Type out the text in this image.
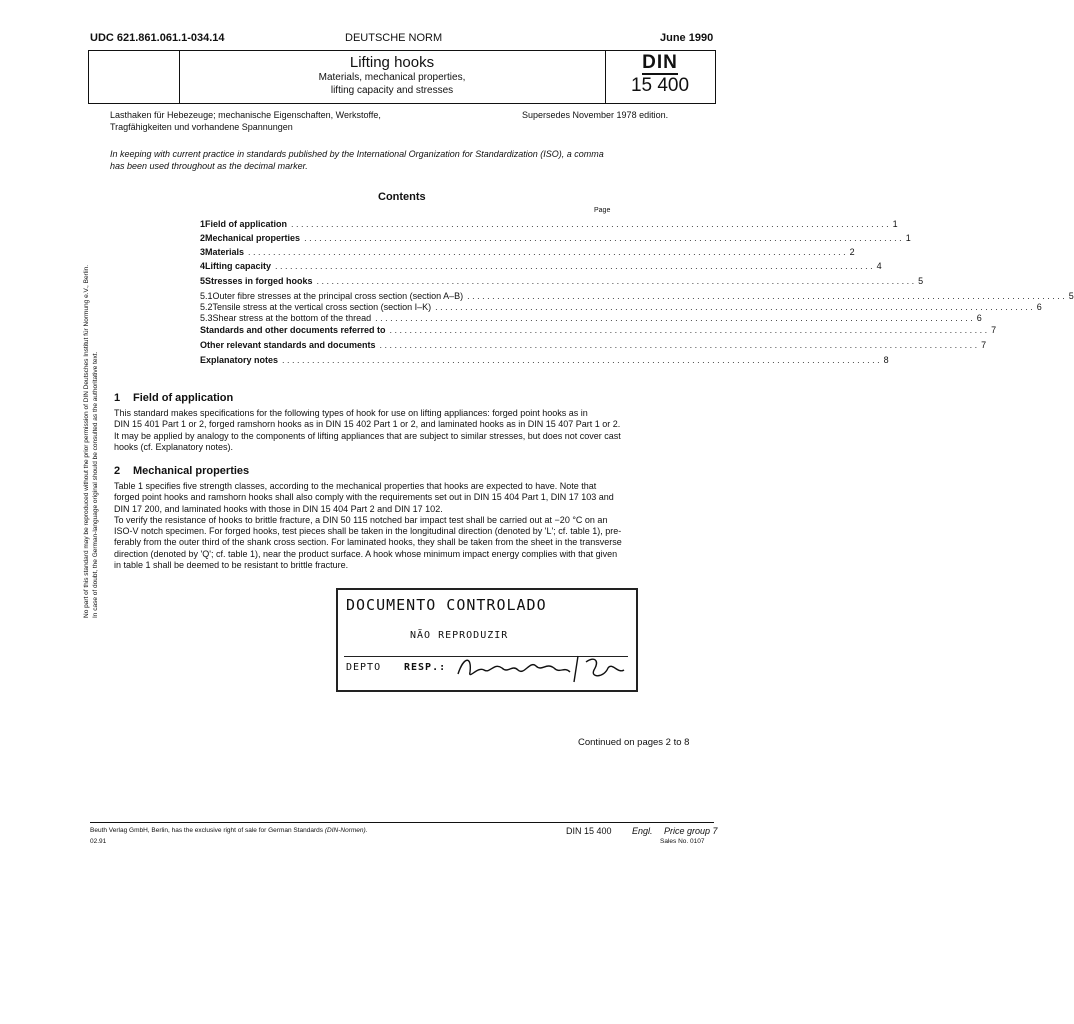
UDC 621.861.061.1-034.14	DEUTSCHE NORM	June 1990
Lifting hooks
Materials, mechanical properties,
lifting capacity and stresses
DIN
15 400
Lasthaken für Hebezeuge; mechanische Eigenschaften, Werkstoffe,
Tragfähigkeiten und vorhandene Spannungen
Supersedes November 1978 edition.
In keeping with current practice in standards published by the International Organization for Standardization (ISO), a comma
has been used throughout as the decimal marker.
Contents
Page
1 Field of application . . . . . . . . . . . . . . . . . . . . . . . . . . . . . . . . . . . . . . . . . . . . . . . . . . . . . . . . . . . . . . . . . . . . . . . . . . . . . . . . . . . . . . . . . . . . . . . . . . . . . . . . . . . . . . . . . . . . . . . . 1
2 Mechanical properties . . . . . . . . . . . . . . . . . . . . . . . . . . . . . . . . . . . . . . . . . . . . . . . . . . . . . . . . . . . . . . . . . . . . . . . . . . . . . . . . . . . . . . . . . . . . . . . . . . . . . . . . . . . . . . . . . . . . . . . . 1
3 Materials . . . . . . . . . . . . . . . . . . . . . . . . . . . . . . . . . . . . . . . . . . . . . . . . . . . . . . . . . . . . . . . . . . . . . . . . . . . . . . . . . . . . . . . . . . . . . . . . . . . . . . . . . . . . . . . . . . . . . . . . 2
4 Lifting capacity . . . . . . . . . . . . . . . . . . . . . . . . . . . . . . . . . . . . . . . . . . . . . . . . . . . . . . . . . . . . . . . . . . . . . . . . . . . . . . . . . . . . . . . . . . . . . . . . . . . . . . . . . . . . . . . . . . . . . . . . 4
5 Stresses in forged hooks . . . . . . . . . . . . . . . . . . . . . . . . . . . . . . . . . . . . . . . . . . . . . . . . . . . . . . . . . . . . . . . . . . . . . . . . . . . . . . . . . . . . . . . . . . . . . . . . . . . . . . . . . . . . . . . . . . . . . . . . 5
5.1 Outer fibre stresses at the principal cross section (section A–B) . . . . . . . . . . . . . . . . . . . . . . . . . . . . . . . . . . . . . . . . . . . . . . . . . . . . . . . . . . . . . . . . . . . . . . . . . . . . . . . . . . . . . . . . . . . . . . . . . . . . . . . . . . . . . . . . . . . . . . . . 5
5.2 Tensile stress at the vertical cross section (section I–K) . . . . . . . . . . . . . . . . . . . . . . . . . . . . . . . . . . . . . . . . . . . . . . . . . . . . . . . . . . . . . . . . . . . . . . . . . . . . . . . . . . . . . . . . . . . . . . . . . . . . . . . . . . . . . . . . . . . . . . . . 6
5.3 Shear stress at the bottom of the thread . . . . . . . . . . . . . . . . . . . . . . . . . . . . . . . . . . . . . . . . . . . . . . . . . . . . . . . . . . . . . . . . . . . . . . . . . . . . . . . . . . . . . . . . . . . . . . . . . . . . . . . . . . . . . . . . . . . . . . . . 6
Standards and other documents referred to . . . . . . . . . . . . . . . . . . . . . . . . . . . . . . . . . . . . . . . . . . . . . . . . . . . . . . . . . . . . . . . . . . . . . . . . . . . . . . . . . . . . . . . . . . . . . . . . . . . . . . . . . . . . . . . . . . . . . . . . 7
Other relevant standards and documents . . . . . . . . . . . . . . . . . . . . . . . . . . . . . . . . . . . . . . . . . . . . . . . . . . . . . . . . . . . . . . . . . . . . . . . . . . . . . . . . . . . . . . . . . . . . . . . . . . . . . . . . . . . . . . . . . . . . . . . . 7
Explanatory notes . . . . . . . . . . . . . . . . . . . . . . . . . . . . . . . . . . . . . . . . . . . . . . . . . . . . . . . . . . . . . . . . . . . . . . . . . . . . . . . . . . . . . . . . . . . . . . . . . . . . . . . . . . . . . . . . . . . . . . . . 8
1 Field of application
This standard makes specifications for the following types of hook for use on lifting appliances: forged point hooks as in
DIN 15 401 Part 1 or 2, forged ramshorn hooks as in DIN 15 402 Part 1 or 2, and laminated hooks as in DIN 15 407 Part 1 or 2.
It may be applied by analogy to the components of lifting appliances that are subject to similar stresses, but does not cover cast
hooks (cf. Explanatory notes).
2 Mechanical properties
Table 1 specifies five strength classes, according to the mechanical properties that hooks are expected to have. Note that
forged point hooks and ramshorn hooks shall also comply with the requirements set out in DIN 15 404 Part 1, DIN 17 103 and
DIN 17 200, and laminated hooks with those in DIN 15 404 Part 2 and DIN 17 102.
To verify the resistance of hooks to brittle fracture, a DIN 50 115 notched bar impact test shall be carried out at −20 °C on an
ISO-V notch specimen. For forged hooks, test pieces shall be taken in the longitudinal direction (denoted by 'L'; cf. table 1), pre-
ferably from the outer third of the shank cross section. For laminated hooks, they shall be taken from the sheet in the transverse
direction (denoted by 'Q'; cf. table 1), near the product surface. A hook whose minimum impact energy complies with that given
in table 1 shall be deemed to be resistant to brittle fracture.
DOCUMENTO CONTROLADO
NÃO REPRODUZIR
DEPTO RESP.:
Continued on pages 2 to 8
No part of this standard may be reproduced without the prior permission of DIN Deutsches Institut für Normung e.V., Berlin. In case of doubt, the German-language original should be consulted as the authoritative text.
Beuth Verlag GmbH, Berlin, has the exclusive right of sale for German Standards (DIN-Normen).
02.91
DIN 15 400 Engl. Price group 7
Sales No. 0107
